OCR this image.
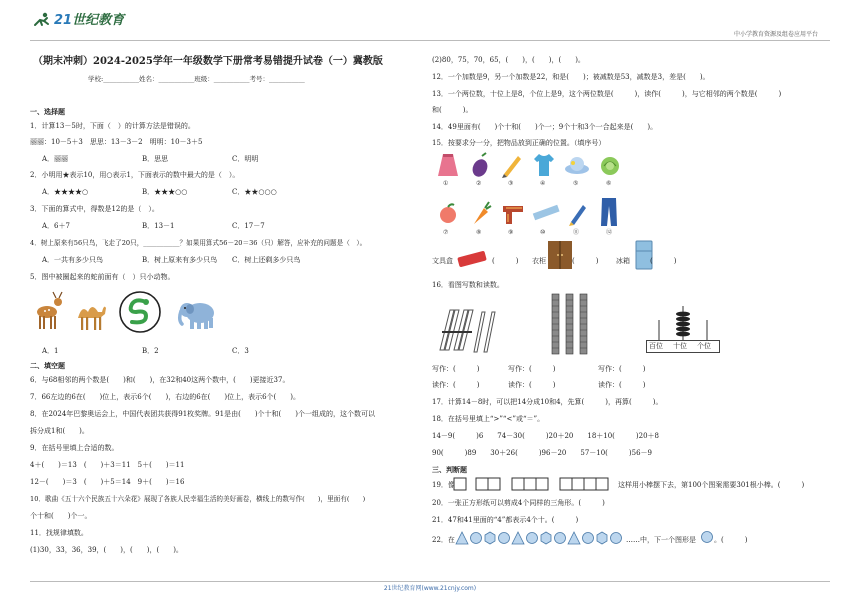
21世纪教育
中小学教育资源及组卷应用平台
（期末冲刺）2024-2025学年一年级数学下册常考易错提升试卷（一）冀教版
学校:___________姓名：___________班级：___________考号：___________
一、选择题
1．计算13－5时，下面（　）的计算方法是错误的。
丽丽：10－5＋3　思思：13－3－2　明明：10－3＋5
A．丽丽	B．思思	C．明明
2．小明用★表示10，用○表示1，下面表示的数中最大的是（　）。
A．★★★★○	B．★★★○○	C．★★○○○
3．下面的算式中，得数是12的是（　）。
A．6＋7	B．13－1	C．17－7
4．树上原来有56只鸟，飞走了20只，___________？如果用算式56－20＝36（只）解答，应补充的问题是（　）。
A．一共有多少只鸟	B．树上原来有多少只鸟 C．树上还剩多少只鸟
5．图中被圈起来的蛇前面有（　）只小动物。
A．1	B．2	C．3
二、填空题
6．与68相邻的两个数是(　　)和(　　)，在32和40这两个数中，(　　)更接近37。
7．66左边的6在(　　)位上，表示6个(　　)，右边的6在(　　)位上，表示6个(　　)。
8．在2024年巴黎奥运会上，中国代表团共获得91枚奖牌。91是由(　　)个十和(　　)个一组成的，这个数可以
拆分成1和(　　)。
9．在括号里填上合适的数。
4＋(　　)＝13　(　　)＋3＝11　5＋(　　)＝11
12－(　　)＝3　(　　)＋5＝14　9＋(　　)＝16
10．歌曲《五十六个民族五十六朵花》展现了各族人民幸福生活的美好画卷，横线上的数写作(　　)，里面有(　　)
个十和(　　)个一。
11．找规律填数。
(1)30，33，36，39，(　　)，(　　)，(　　)。
(2)80，75，70，65，(　　)，(　　)，(　　)。
12．一个加数是9，另一个加数是22，和是(　　)；被减数是53，减数是3，差是(　　)。
13．一个两位数，十位上是8，个位上是9，这个两位数是(　　　)，读作(　　　)，与它相邻的两个数是(　　　)
和(　　　)。
14．49里面有(　　)个十和(　　)个一；9个十和3个一合起来是(　　)。
15．按要求分一分，把物品放到正确的位置。（填序号）
①	②	③	④	⑤	⑥
⑦	⑧	⑨	⑩	⑪	⑫
文具盒	(　　　) 衣柜	(　　　)	冰箱	(　　　)
16．看图写数和读数。
百位 十位 个位
写作：(　　　)	写作：(　　　)	写作：(　　　)
读作：(　　　)	读作：(　　　)	读作：(　　　)
17．计算14－8时，可以把14分成10和4，先算(　　　)，再算(　　　)。
18．在括号里填上“>”“<”或“＝”。
14－9(　　　)6　　74－30(　　　)20＋20　　18＋10(　　　)20＋8
90(　　　)89　　30＋26(　　　)96－20　　57－10(　　　)56－9
三、判断题
19．像	这样用小棒摆下去，第100个图案需要301根小棒。(　　　)
20．一张正方形纸可以剪成4个同样的三角形。(　　　)
21．47和41里面的“4”都表示4个十。(　　　)
22．在	……中，下一个图形是	。(　　　)
21世纪教育网(www.21cnjy.com)
